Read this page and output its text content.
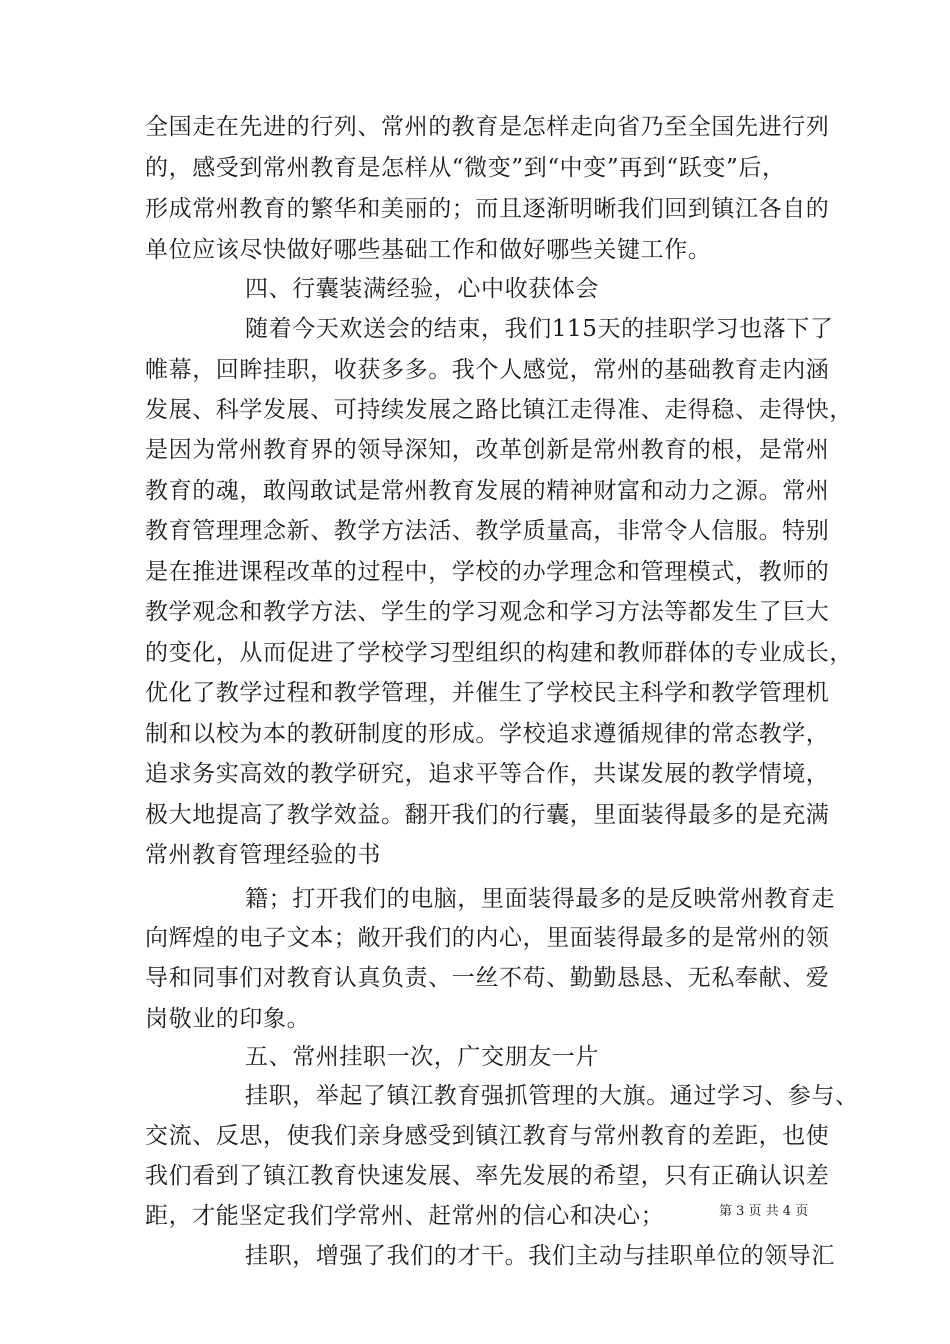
全国走在先进的行列、常州的教育是怎样走向省乃至全国先进行列
的，感受到常州教育是怎样从“微变”到“中变”再到“跃变”后，
形成常州教育的繁华和美丽的；而且逐渐明晰我们回到镇江各自的
单位应该尽快做好哪些基础工作和做好哪些关键工作。
四、行囊装满经验，心中收获体会
随着今天欢送会的结束，我们115天的挂职学习也落下了
帷幕，回眸挂职，收获多多。我个人感觉，常州的基础教育走内涵
发展、科学发展、可持续发展之路比镇江走得准、走得稳、走得快，
是因为常州教育界的领导深知，改革创新是常州教育的根，是常州
教育的魂，敢闯敢试是常州教育发展的精神财富和动力之源。常州
教育管理理念新、教学方法活、教学质量高，非常令人信服。特别
是在推进课程改革的过程中，学校的办学理念和管理模式，教师的
教学观念和教学方法、学生的学习观念和学习方法等都发生了巨大
的变化，从而促进了学校学习型组织的构建和教师群体的专业成长，
优化了教学过程和教学管理，并催生了学校民主科学和教学管理机
制和以校为本的教研制度的形成。学校追求遵循规律的常态教学，
追求务实高效的教学研究，追求平等合作，共谋发展的教学情境，
极大地提高了教学效益。翻开我们的行囊，里面装得最多的是充满
常州教育管理经验的书
籍；打开我们的电脑，里面装得最多的是反映常州教育走
向辉煌的电子文本；敞开我们的内心，里面装得最多的是常州的领
导和同事们对教育认真负责、一丝不苟、勤勤恳恳、无私奉献、爱
岗敬业的印象。
五、常州挂职一次，广交朋友一片
挂职，举起了镇江教育强抓管理的大旗。通过学习、参与、
交流、反思，使我们亲身感受到镇江教育与常州教育的差距，也使
我们看到了镇江教育快速发展、率先发展的希望，只有正确认识差
距，才能坚定我们学常州、赶常州的信心和决心；
挂职，增强了我们的才干。我们主动与挂职单位的领导汇
第 3 页 共 4 页
